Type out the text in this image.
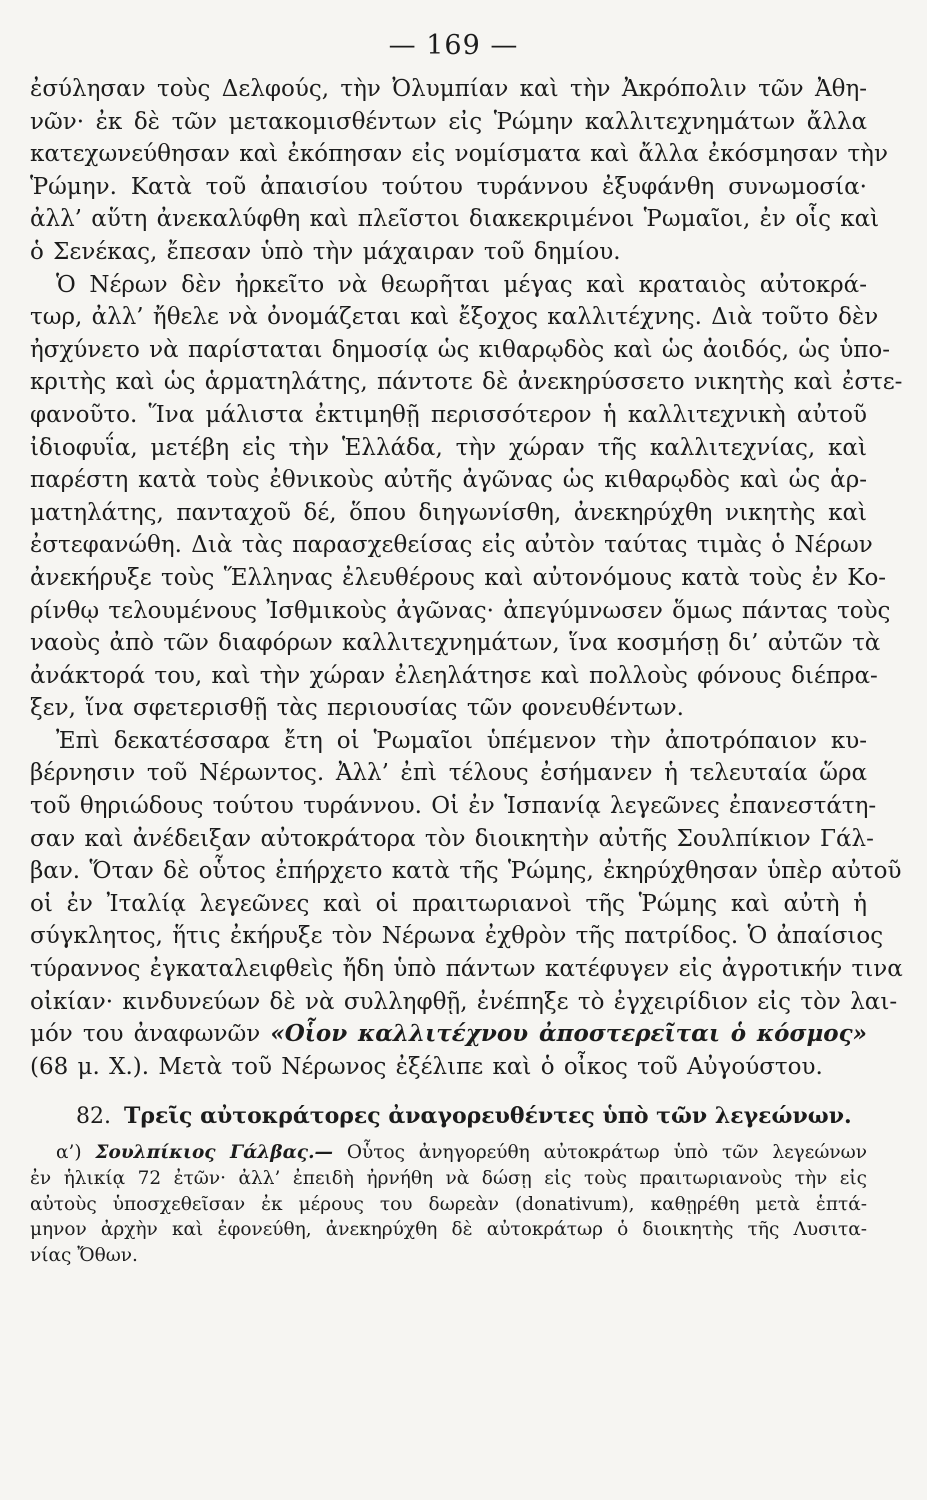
— 169 —
ἐσύλησαν τοὺς Δελφούς, τὴν Ὀλυμπίαν καὶ τὴν Ἀκρόπολιν τῶν Ἀθη-
νῶν· ἐκ δὲ τῶν μετακομισθέντων εἰς Ῥώμην καλλιτεχνημάτων ἄλλα
κατεχωνεύθησαν καὶ ἐκόπησαν εἰς νομίσματα καὶ ἄλλα ἐκόσμησαν τὴν
Ῥώμην. Κατὰ τοῦ ἀπαισίου τούτου τυράννου ἐξυφάνθη συνωμοσία·
ἀλλ’ αὕτη ἀνεκαλύφθη καὶ πλεῖστοι διακεκριμένοι Ῥωμαῖοι, ἐν οἷς καὶ
ὁ Σενέκας, ἔπεσαν ὑπὸ τὴν μάχαιραν τοῦ δημίου.
Ὁ Νέρων δὲν ἠρκεῖτο νὰ θεωρῆται μέγας καὶ κραταιὸς αὐτοκρά-
τωρ, ἀλλ’ ἤθελε νὰ ὀνομάζεται καὶ ἔξοχος καλλιτέχνης. Διὰ τοῦτο δὲν
ἠσχύνετο νὰ παρίσταται δημοσίᾳ ὡς κιθαρῳδὸς καὶ ὡς ἀοιδός, ὡς ὑπο-
κριτὴς καὶ ὡς ἁρματηλάτης, πάντοτε δὲ ἀνεκηρύσσετο νικητὴς καὶ ἐστε-
φανοῦτο. Ἵνα μάλιστα ἐκτιμηθῇ περισσότερον ἡ καλλιτεχνικὴ αὐτοῦ
ἰδιοφυΐα, μετέβη εἰς τὴν Ἑλλάδα, τὴν χώραν τῆς καλλιτεχνίας, καὶ
παρέστη κατὰ τοὺς ἐθνικοὺς αὐτῆς ἀγῶνας ὡς κιθαρῳδὸς καὶ ὡς ἁρ-
ματηλάτης, πανταχοῦ δέ, ὅπου διηγωνίσθη, ἀνεκηρύχθη νικητὴς καὶ
ἐστεφανώθη. Διὰ τὰς παρασχεθείσας εἰς αὐτὸν ταύτας τιμὰς ὁ Νέρων
ἀνεκήρυξε τοὺς Ἕλληνας ἐλευθέρους καὶ αὐτονόμους κατὰ τοὺς ἐν Κο-
ρίνθῳ τελουμένους Ἰσθμικοὺς ἀγῶνας· ἀπεγύμνωσεν ὅμως πάντας τοὺς
ναοὺς ἀπὸ τῶν διαφόρων καλλιτεχνημάτων, ἵνα κοσμήσῃ δι’ αὐτῶν τὰ
ἀνάκτορά του, καὶ τὴν χώραν ἐλεηλάτησε καὶ πολλοὺς φόνους διέπρα-
ξεν, ἵνα σφετερισθῇ τὰς περιουσίας τῶν φονευθέντων.
Ἐπὶ δεκατέσσαρα ἔτη οἱ Ῥωμαῖοι ὑπέμενον τὴν ἀποτρόπαιον κυ-
βέρνησιν τοῦ Νέρωντος. Ἀλλ’ ἐπὶ τέλους ἐσήμανεν ἡ τελευταία ὥρα
τοῦ θηριώδους τούτου τυράννου. Οἱ ἐν Ἱσπανίᾳ λεγεῶνες ἐπανεστάτη-
σαν καὶ ἀνέδειξαν αὐτοκράτορα τὸν διοικητὴν αὐτῆς Σουλπίκιον Γάλ-
βαν. Ὅταν δὲ οὗτος ἐπήρχετο κατὰ τῆς Ῥώμης, ἐκηρύχθησαν ὑπὲρ αὐτοῦ
οἱ ἐν Ἰταλίᾳ λεγεῶνες καὶ οἱ πραιτωριανοὶ τῆς Ῥώμης καὶ αὐτὴ ἡ
σύγκλητος, ἥτις ἐκήρυξε τὸν Νέρωνα ἐχθρὸν τῆς πατρίδος. Ὁ ἀπαίσιος
τύραννος ἐγκαταλειφθεὶς ἤδη ὑπὸ πάντων κατέφυγεν εἰς ἀγροτικήν τινα
οἰκίαν· κινδυνεύων δὲ νὰ συλληφθῇ, ἐνέπηξε τὸ ἐγχειρίδιον εἰς τὸν λαι-
μόν του ἀναφωνῶν «Οἷον καλλιτέχνου ἀποστερεῖται ὁ κόσμος»
(68 μ. Χ.). Μετὰ τοῦ Νέρωνος ἐξέλιπε καὶ ὁ οἶκος τοῦ Αὐγούστου.
82. Τρεῖς αὐτοκράτορες ἀναγορευθέντες ὑπὸ τῶν λεγεώνων.
α’) Σουλπίκιος Γάλβας.— Οὗτος ἀνηγορεύθη αὐτοκράτωρ ὑπὸ τῶν λεγεώνων
ἐν ἡλικίᾳ 72 ἐτῶν· ἀλλ’ ἐπειδὴ ἠρνήθη νὰ δώσῃ εἰς τοὺς πραιτωριανοὺς τὴν εἰς
αὐτοὺς ὑποσχεθεῖσαν ἐκ μέρους του δωρεὰν (donativum), καθῃρέθη μετὰ ἑπτά-
μηνον ἀρχὴν καὶ ἐφονεύθη, ἀνεκηρύχθη δὲ αὐτοκράτωρ ὁ διοικητὴς τῆς Λυσιτα-
νίας Ὄθων.
